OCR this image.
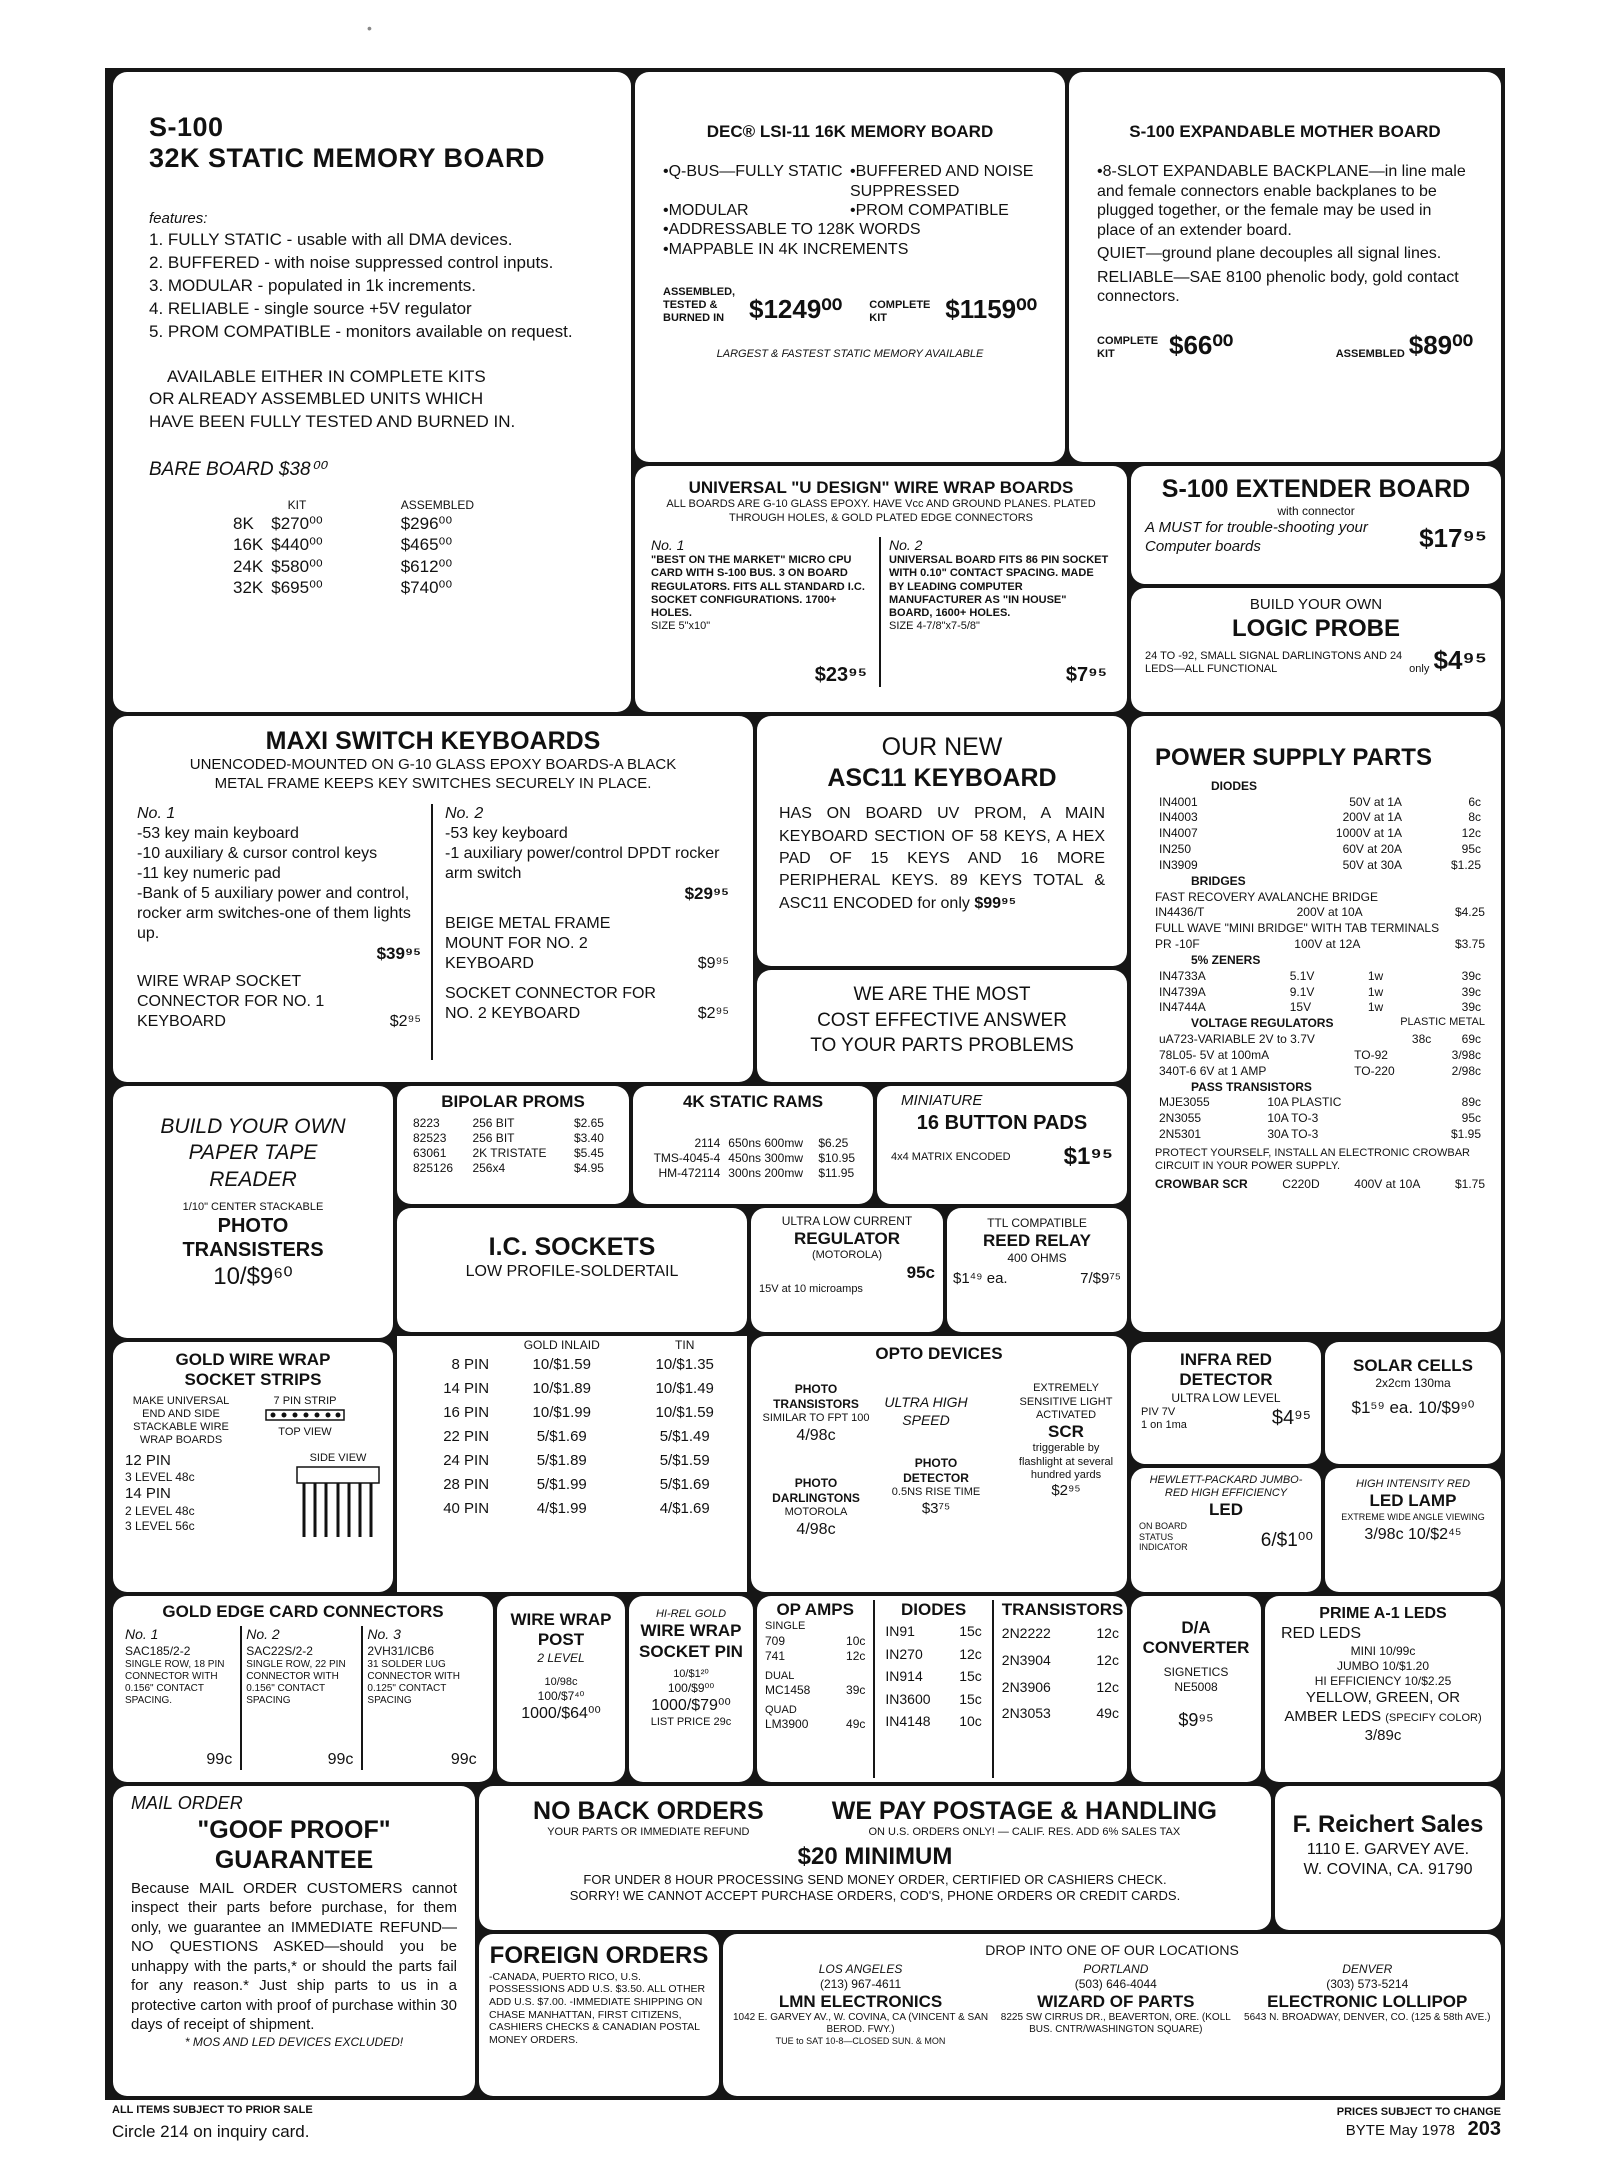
•
S-100
32K STATIC MEMORY BOARD
features:
1. FULLY STATIC - usable with all DMA devices.
2. BUFFERED - with noise suppressed control inputs.
3. MODULAR - populated in 1k increments.
4. RELIABLE - single source +5V regulator
5. PROM COMPATIBLE - monitors available on request.
AVAILABLE EITHER IN COMPLETE KITS
OR ALREADY ASSEMBLED UNITS WHICH
HAVE BEEN FULLY TESTED AND BURNED IN.
BARE BOARD $38⁰⁰
	KIT		ASSEMBLED
8K	$270⁰⁰		$296⁰⁰
16K	$440⁰⁰		$465⁰⁰
24K	$580⁰⁰		$612⁰⁰
32K	$695⁰⁰		$740⁰⁰
DEC® LSI-11 16K MEMORY BOARD
•Q-BUS—FULLY STATIC •BUFFERED AND NOISE SUPPRESSED
•MODULAR	•PROM COMPATIBLE
•ADDRESSABLE TO 128K WORDS
•MAPPABLE IN 4K INCREMENTS
ASSEMBLED, TESTED & BURNED IN $1249⁰⁰ COMPLETE KIT	$1159⁰⁰
LARGEST & FASTEST STATIC MEMORY AVAILABLE
S-100 EXPANDABLE MOTHER BOARD
•8-SLOT EXPANDABLE BACKPLANE—in line male and female connectors enable backplanes to be plugged together, or the female may be used in place of an extender board.
QUIET—ground plane decouples all signal lines.
RELIABLE—SAE 8100 phenolic body, gold contact connectors.
COMPLETE KIT	$66⁰⁰	ASSEMBLED $89⁰⁰
UNIVERSAL "U DESIGN" WIRE WRAP BOARDS
ALL BOARDS ARE G-10 GLASS EPOXY. HAVE Vcc AND GROUND PLANES. PLATED THROUGH HOLES, & GOLD PLATED EDGE CONNECTORS
No. 1
"BEST ON THE MARKET" MICRO CPU CARD WITH S-100 BUS. 3 ON BOARD REGULATORS. FITS ALL STANDARD I.C. SOCKET CONFIGURATIONS. 1700+ HOLES.
SIZE 5"x10"
$23⁹⁵
No. 2
UNIVERSAL BOARD FITS 86 PIN SOCKET WITH 0.10" CONTACT SPACING. MADE BY LEADING COMPUTER MANUFACTURER AS "IN HOUSE" BOARD, 1600+ HOLES.
SIZE 4-7/8"x7-5/8"
$7⁹⁵
S-100 EXTENDER BOARD
with connector
A MUST for trouble-shooting your Computer boards	$17⁹⁵
BUILD YOUR OWN
LOGIC PROBE
24 TO -92, SMALL SIGNAL DARLINGTONS AND 24 LEDS—ALL FUNCTIONAL	only $4⁹⁵
MAXI SWITCH KEYBOARDS
UNENCODED-MOUNTED ON G-10 GLASS EPOXY BOARDS-A BLACK METAL FRAME KEEPS KEY SWITCHES SECURELY IN PLACE.
No. 1
-53 key main keyboard
-10 auxiliary & cursor control keys
-11 key numeric pad
-Bank of 5 auxiliary power and control, rocker arm switches-one of them lights up.
$39⁹⁵
WIRE WRAP SOCKET CONNECTOR FOR NO. 1 KEYBOARD	$2⁹⁵
No. 2
-53 key keyboard
-1 auxiliary power/control DPDT rocker arm switch
$29⁹⁵
BEIGE METAL FRAME MOUNT FOR NO. 2 KEYBOARD	$9⁹⁵
SOCKET CONNECTOR FOR NO. 2 KEYBOARD	$2⁹⁵
OUR NEW
ASC11 KEYBOARD
HAS ON BOARD UV PROM, A MAIN KEYBOARD SECTION OF 58 KEYS, A HEX PAD OF 15 KEYS AND 16 MORE PERIPHERAL KEYS. 89 KEYS TOTAL & ASC11 ENCODED for only $99⁹⁵
WE ARE THE MOST
COST EFFECTIVE ANSWER
TO YOUR PARTS PROBLEMS
POWER SUPPLY PARTS
DIODES
IN4001	50V at 1A	6c
IN4003	200V at 1A	8c
IN4007	1000V at 1A	12c
IN250	60V at 20A	95c
IN3909	50V at 30A	$1.25
BRIDGES
FAST RECOVERY AVALANCHE BRIDGE
IN4436/T	200V at 10A	$4.25
FULL WAVE "MINI BRIDGE" WITH TAB TERMINALS
PR -10F	100V at 12A	$3.75
5% ZENERS
IN4733A	5.1V	1w	39c
IN4739A	9.1V	1w	39c
IN4744A	15V	1w	39c
VOLTAGE REGULATORS	PLASTIC METAL
uA723-VARIABLE 2V to 3.7V		38c	69c
78L05- 5V at 100mA	TO-92		3/98c
340T-6 6V at 1 AMP	TO-220		2/98c
PASS TRANSISTORS
MJE3055	10A PLASTIC	89c
2N3055	10A TO-3	95c
2N5301	30A TO-3	$1.95
PROTECT YOURSELF, INSTALL AN ELECTRONIC CROWBAR CIRCUIT IN YOUR POWER SUPPLY.
CROWBAR SCR	C220D	400V at 10A	$1.75
BUILD YOUR OWN
PAPER TAPE
READER
1/10" CENTER STACKABLE
PHOTO
TRANSISTERS
10/$9⁶⁰
BIPOLAR PROMS
8223	256 BIT	$2.65
82523	256 BIT	$3.40
63061	2K TRISTATE	$5.45
825126	256x4	$4.95
4K STATIC RAMS
2114	650ns 600mw	$6.25
TMS-4045-4	450ns 300mw	$10.95
HM-472114	300ns 200mw	$11.95
MINIATURE
16 BUTTON PADS
4x4 MATRIX ENCODED $1⁹⁵
I.C. SOCKETS
LOW PROFILE-SOLDERTAIL
ULTRA LOW CURRENT
REGULATOR
(MOTOROLA)
95c
15V at 10 microamps
TTL COMPATIBLE
REED RELAY
400 OHMS
$1⁴⁹ ea.	7/$9⁷⁵
GOLD WIRE WRAP
SOCKET STRIPS
MAKE UNIVERSAL END AND SIDE STACKABLE WIRE WRAP BOARDS
7 PIN STRIP
TOP VIEW
12 PIN
3 LEVEL 48c
14 PIN
2 LEVEL 48c
3 LEVEL 56c
SIDE VIEW
	GOLD INLAID	TIN
8 PIN	10/$1.59	10/$1.35
14 PIN	10/$1.89	10/$1.49
16 PIN	10/$1.99	10/$1.59
22 PIN	5/$1.69	5/$1.49
24 PIN	5/$1.89	5/$1.59
28 PIN	5/$1.99	5/$1.69
40 PIN	4/$1.99	4/$1.69
OPTO DEVICES
PHOTO TRANSISTORS
SIMILAR TO FPT 100
4/98c
ULTRA HIGH SPEED
EXTREMELY SENSITIVE LIGHT ACTIVATED
SCR
triggerable by flashlight at several hundred yards
$2⁹⁵
PHOTO DETECTOR
0.5NS RISE TIME
$3⁷⁵
PHOTO DARLINGTONS
MOTOROLA
4/98c
INFRA RED
DETECTOR
ULTRA LOW LEVEL
PIV 7V
1 on 1ma	$4⁹⁵
SOLAR CELLS
2x2cm 130ma
$1⁵⁹ ea. 10/$9⁹⁰
HEWLETT-PACKARD JUMBO-RED HIGH EFFICIENCY
LED
ON BOARD STATUS INDICATOR	6/$1⁰⁰
HIGH INTENSITY RED
LED LAMP
EXTREME WIDE ANGLE VIEWING
3/98c 10/$2⁴⁵
GOLD EDGE CARD CONNECTORS
No. 1
SAC185/2-2
SINGLE ROW, 18 PIN CONNECTOR WITH 0.156" CONTACT SPACING.
99c
No. 2
SAC22S/2-2
SINGLE ROW, 22 PIN CONNECTOR WITH 0.156" CONTACT SPACING
99c
No. 3
2VH31/ICB6
31 SOLDER LUG CONNECTOR WITH 0.125" CONTACT SPACING
99c
WIRE WRAP POST
2 LEVEL
10/98c
100/$7⁴⁰
1000/$64⁰⁰
HI-REL GOLD
WIRE WRAP SOCKET PIN
10/$1²⁰
100/$9⁰⁰
1000/$79⁰⁰
LIST PRICE 29c
OP AMPS
SINGLE
709	10c
741	12c
DUAL
MC1458	39c
QUAD
LM3900	49c
DIODES
IN91	15c
IN270	12c
IN914	15c
IN3600 15c
IN4148 10c
TRANSISTORS
2N2222	12c
2N3904	12c
2N3906	12c
2N3053	49c
D/A
CONVERTER
SIGNETICS
NE5008
$9⁹⁵
PRIME A-1 LEDS
RED LEDS
MINI 10/99c
JUMBO 10/$1.20
HI EFFICIENCY 10/$2.25
YELLOW, GREEN, OR
AMBER LEDS (SPECIFY COLOR)
3/89c
MAIL ORDER
"GOOF PROOF"
GUARANTEE
Because MAIL ORDER CUSTOMERS cannot inspect their parts before purchase, for them only, we guarantee an IMMEDIATE REFUND—NO QUESTIONS ASKED—should you be unhappy with the parts,* or should the parts fail for any reason.* Just ship parts to us in a protective carton with proof of purchase within 30 days of receipt of shipment.
* MOS AND LED DEVICES EXCLUDED!
NO BACK ORDERS
YOUR PARTS OR IMMEDIATE REFUND
WE PAY POSTAGE & HANDLING
ON U.S. ORDERS ONLY! — CALIF. RES. ADD 6% SALES TAX
$20 MINIMUM
FOR UNDER 8 HOUR PROCESSING SEND MONEY ORDER, CERTIFIED OR CASHIERS CHECK.
SORRY! WE CANNOT ACCEPT PURCHASE ORDERS, COD'S, PHONE ORDERS OR CREDIT CARDS.
F. Reichert Sales
1110 E. GARVEY AVE.
W. COVINA, CA. 91790
FOREIGN ORDERS
-CANADA, PUERTO RICO, U.S. POSSESSIONS ADD U.S. $3.50. ALL OTHER ADD U.S. $7.00. -IMMEDIATE SHIPPING ON CHASE MANHATTAN, FIRST CITIZENS, CASHIERS CHECKS & CANADIAN POSTAL MONEY ORDERS.
DROP INTO ONE OF OUR LOCATIONS
LOS ANGELES
(213) 967-4611
LMN ELECTRONICS
1042 E. GARVEY AV., W. COVINA, CA (VINCENT & SAN BEROD. FWY.)
TUE to SAT 10-8—CLOSED SUN. & MON
PORTLAND
(503) 646-4044
WIZARD OF PARTS
8225 SW CIRRUS DR., BEAVERTON, ORE. (KOLL BUS. CNTR/WASHINGTON SQUARE)
DENVER
(303) 573-5214
ELECTRONIC LOLLIPOP
5643 N. BROADWAY, DENVER, CO. (125 & 58th AVE.)
ALL ITEMS SUBJECT TO PRIOR SALE
Circle 214 on inquiry card.
PRICES SUBJECT TO CHANGE
BYTE May 1978 203
